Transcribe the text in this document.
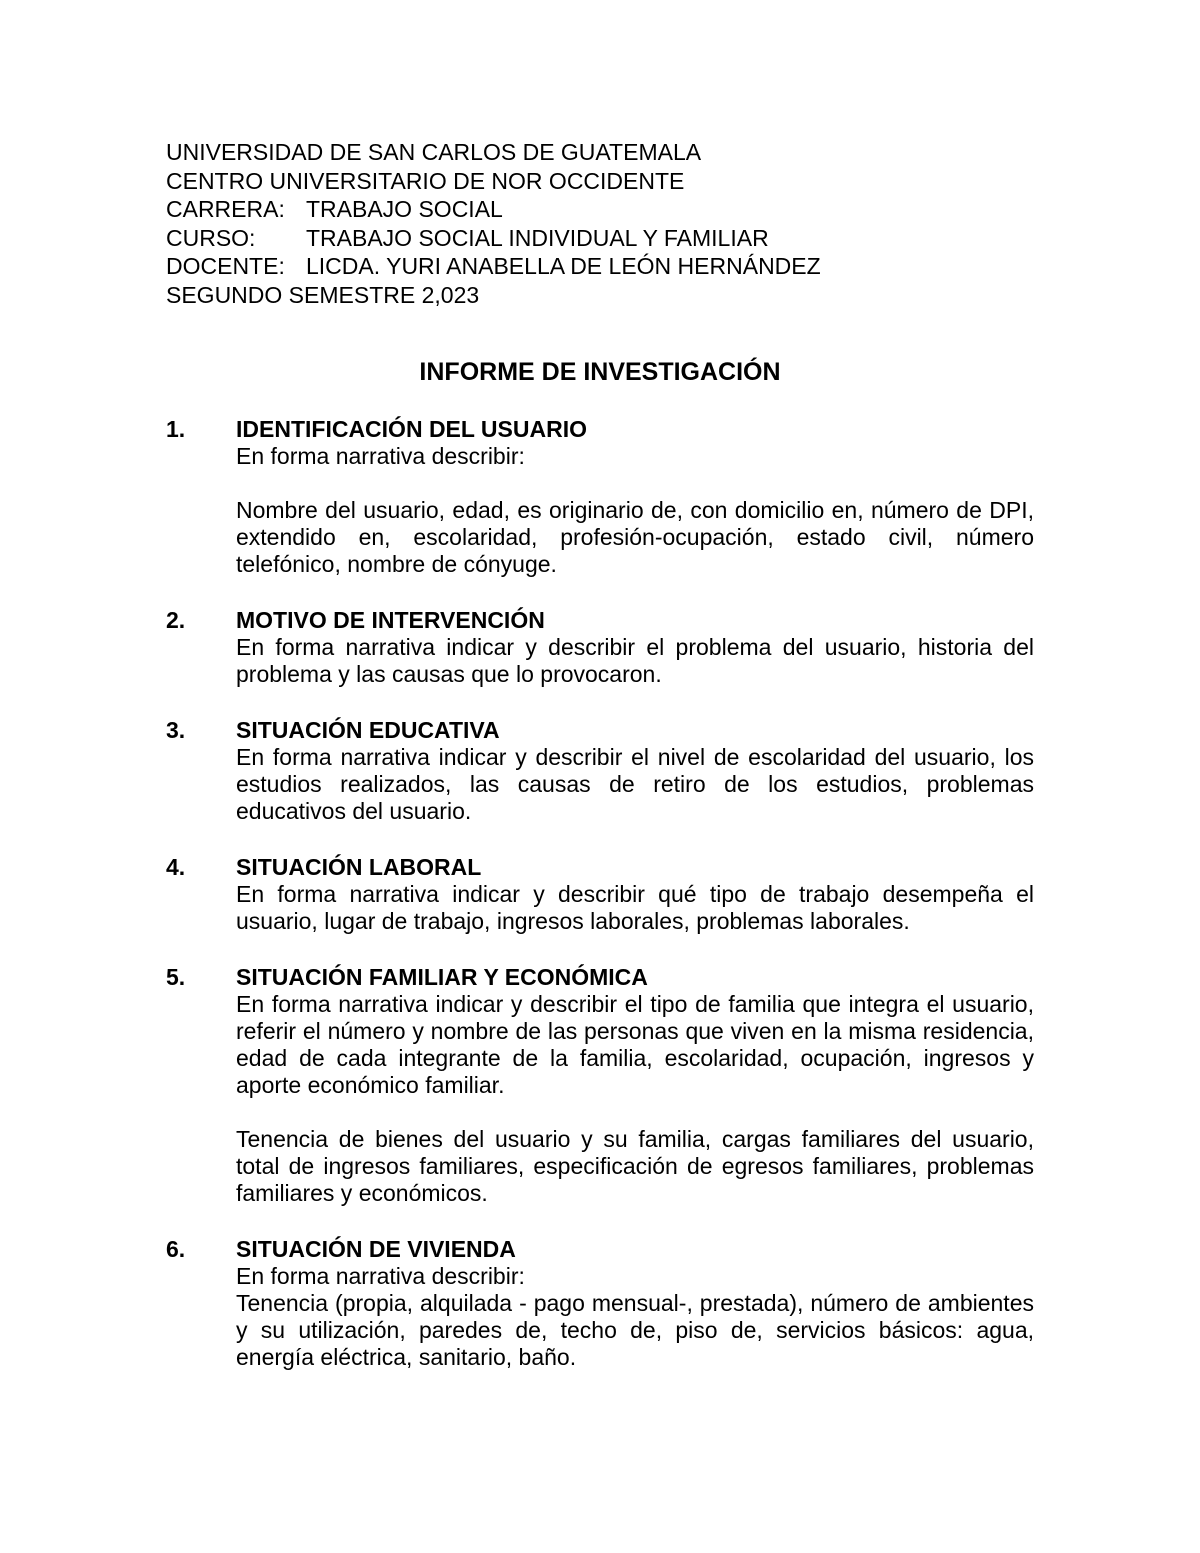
UNIVERSIDAD DE SAN CARLOS DE GUATEMALA
CENTRO UNIVERSITARIO DE NOR OCCIDENTE
CARRERA: TRABAJO SOCIAL
CURSO: TRABAJO SOCIAL INDIVIDUAL Y FAMILIAR
DOCENTE: LICDA. YURI ANABELLA DE LEÓN HERNÁNDEZ
SEGUNDO SEMESTRE 2,023
INFORME DE INVESTIGACIÓN
1.	IDENTIFICACIÓN DEL USUARIO

En forma narrativa describir:

Nombre del usuario, edad, es originario de, con domicilio en, número de DPI, extendido en, escolaridad, profesión-ocupación, estado civil, número telefónico, nombre de cónyuge.

2.	MOTIVO DE INTERVENCIÓN

En forma narrativa indicar y describir el problema del usuario, historia del problema y las causas que lo provocaron.

3.	SITUACIÓN EDUCATIVA

En forma narrativa indicar y describir el nivel de escolaridad del usuario, los estudios realizados, las causas de retiro de los estudios, problemas educativos del usuario.

4.	SITUACIÓN LABORAL

En forma narrativa indicar y describir qué tipo de trabajo desempeña el usuario, lugar de trabajo, ingresos laborales, problemas laborales.

5.	SITUACIÓN FAMILIAR Y ECONÓMICA

En forma narrativa indicar y describir el tipo de familia que integra el usuario, referir el número y nombre de las personas que viven en la misma residencia, edad de cada integrante de la familia, escolaridad, ocupación, ingresos y aporte económico familiar.

Tenencia de bienes del usuario y su familia, cargas familiares del usuario, total de ingresos familiares, especificación de egresos familiares, problemas familiares y económicos.

6.	SITUACIÓN DE VIVIENDA

En forma narrativa describir:

Tenencia (propia, alquilada - pago mensual-, prestada), número de ambientes y su utilización, paredes de, techo de, piso de, servicios básicos: agua, energía eléctrica, sanitario, baño.
